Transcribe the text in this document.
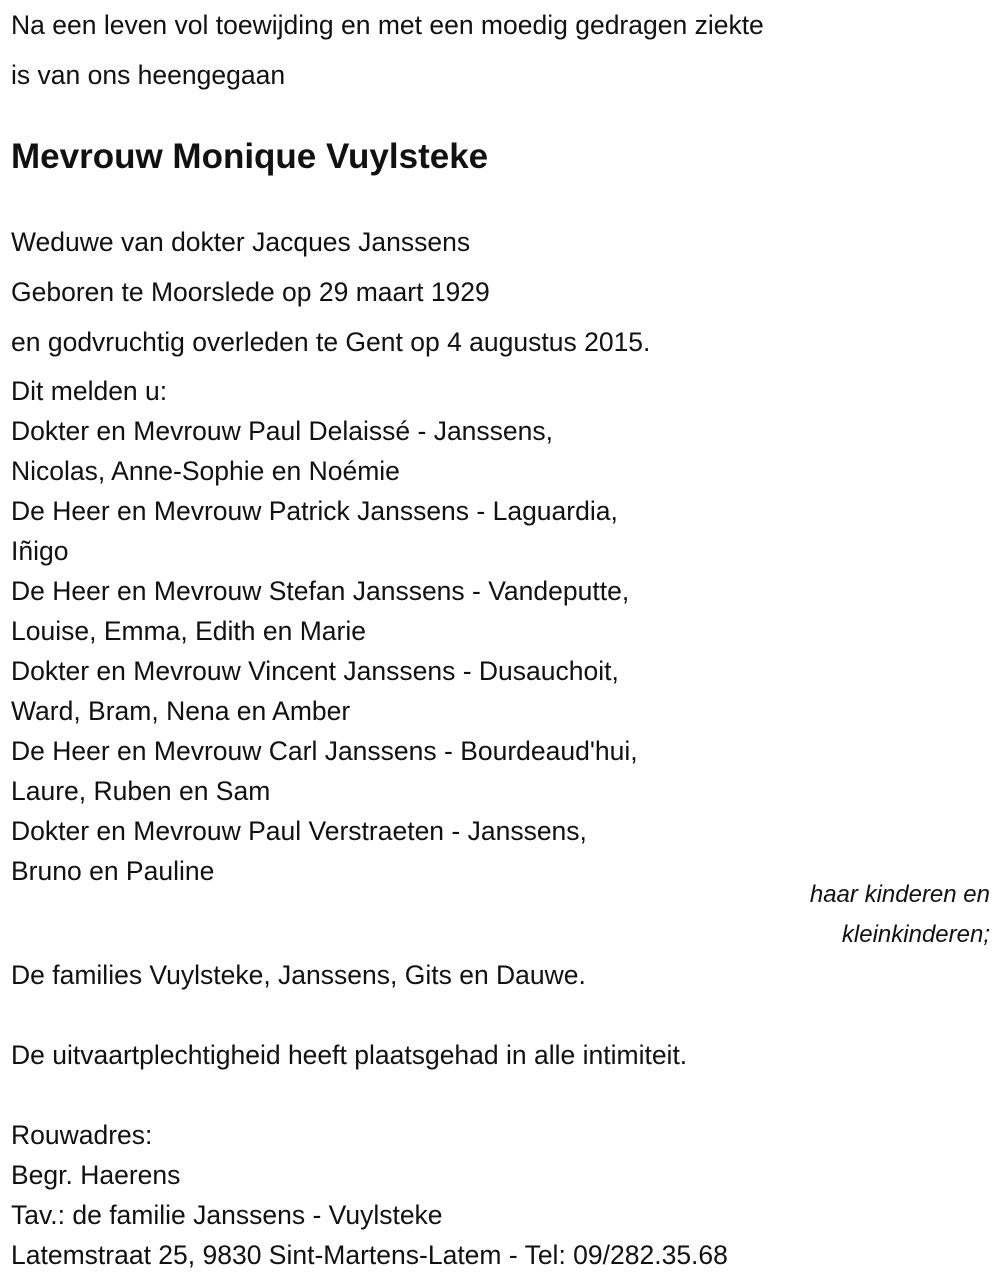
Na een leven vol toewijding en met een moedig gedragen ziekte
is van ons heengegaan
Mevrouw Monique Vuylsteke
Weduwe van dokter Jacques Janssens
Geboren te Moorslede op 29 maart 1929
en godvruchtig overleden te Gent op 4 augustus 2015.
Dit melden u:
Dokter en Mevrouw Paul Delaissé - Janssens,
Nicolas, Anne-Sophie en Noémie
De Heer en Mevrouw Patrick Janssens - Laguardia,
Iñigo
De Heer en Mevrouw Stefan Janssens - Vandeputte,
Louise, Emma, Edith en Marie
Dokter en Mevrouw Vincent Janssens - Dusauchoit,
Ward, Bram, Nena en Amber
De Heer en Mevrouw Carl Janssens - Bourdeaud'hui,
Laure, Ruben en Sam
Dokter en Mevrouw Paul Verstraeten - Janssens,
Bruno en Pauline
haar kinderen en
kleinkinderen;
De families Vuylsteke, Janssens, Gits en Dauwe.
De uitvaartplechtigheid heeft plaatsgehad in alle intimiteit.
Rouwadres:
Begr. Haerens
Tav.: de familie Janssens - Vuylsteke
Latemstraat 25, 9830 Sint-Martens-Latem - Tel: 09/282.35.68
